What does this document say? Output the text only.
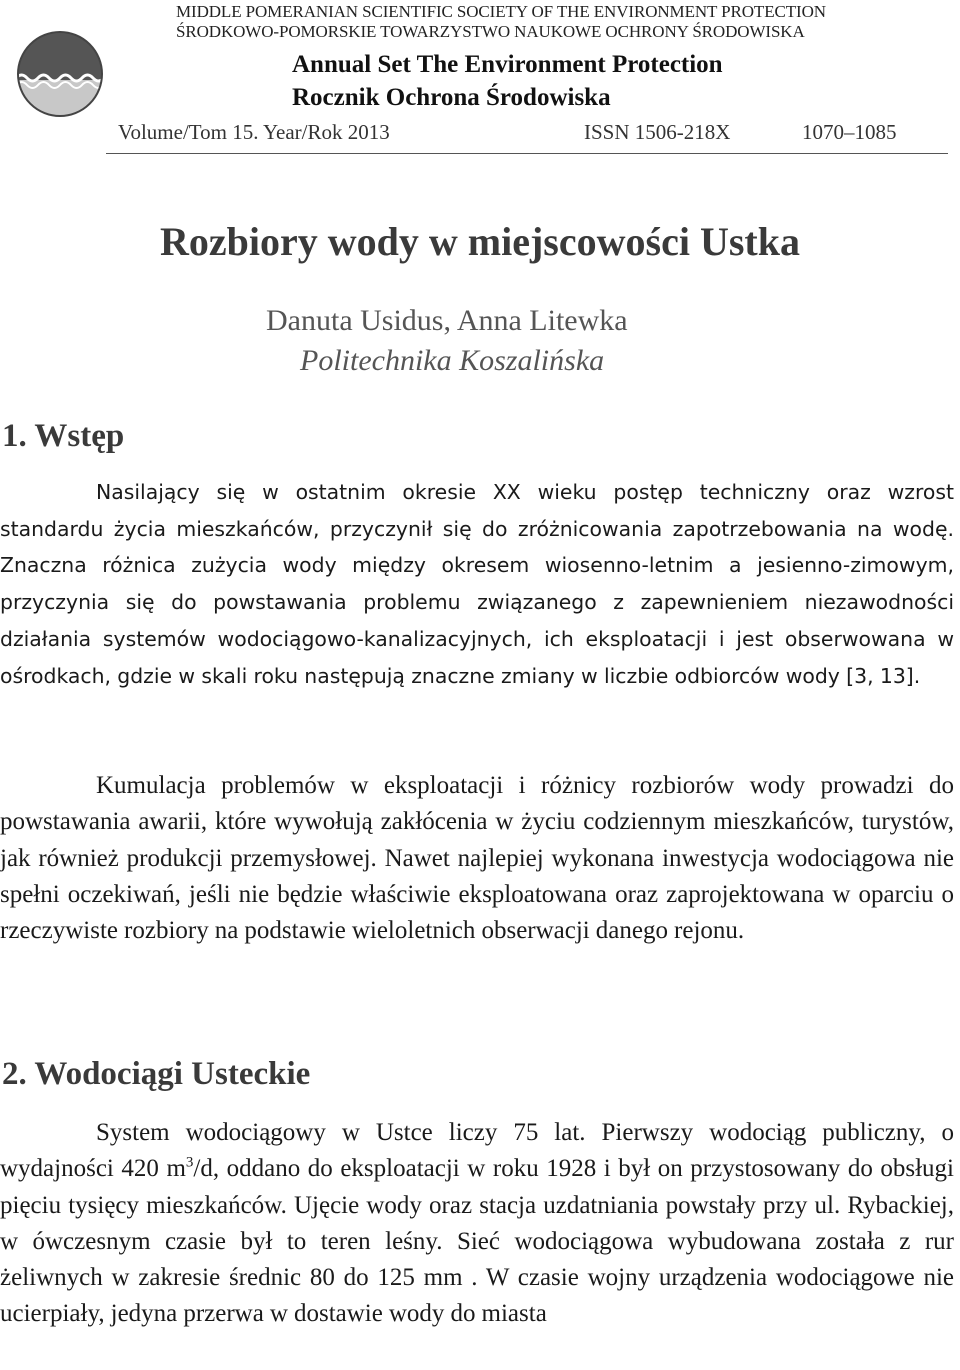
MIDDLE POMERANIAN SCIENTIFIC SOCIETY OF THE ENVIRONMENT PROTECTION
ŚRODKOWO-POMORSKIE TOWARZYSTWO NAUKOWE OCHRONY ŚRODOWISKA
Annual Set The Environment Protection
Rocznik Ochrona Środowiska
Volume/Tom 15. Year/Rok 2013	ISSN 1506-218X	1070–1085
Rozbiory wody w miejscowości Ustka
Danuta Usidus, Anna Litewka
Politechnika Koszalińska
1. Wstęp

Nasilający się w ostatnim okresie XX wieku postęp techniczny oraz wzrost standardu życia mieszkańców, przyczynił się do zróżnicowania zapotrzebowania na wodę. Znaczna różnica zużycia wody między okresem wiosenno-letnim a jesienno-zimowym, przyczynia się do powstawania problemu związanego z zapewnieniem niezawodności działania systemów wodociągowo-kanalizacyjnych, ich eksploatacji i jest obserwowana w ośrodkach, gdzie w skali roku następują znaczne zmiany w liczbie odbiorców wody [3, 13].

Kumulacja problemów w eksploatacji i różnicy rozbiorów wody prowadzi do powstawania awarii, które wywołują zakłócenia w życiu codziennym mieszkańców, turystów, jak również produkcji przemysłowej. Nawet najlepiej wykonana inwestycja wodociągowa nie spełni oczekiwań, jeśli nie będzie właściwie eksploatowana oraz zaprojektowana w oparciu o rzeczywiste rozbiory na podstawie wieloletnich obserwacji danego rejonu.

2. Wodociągi Usteckie

System wodociągowy w Ustce liczy 75 lat. Pierwszy wodociąg publiczny, o wydajności 420 $m^3/d$, oddano do eksploatacji w roku 1928 i był on przystosowany do obsługi pięciu tysięcy mieszkańców. Ujęcie wody oraz stacja uzdatniania powstały przy ul. Rybackiej, w ówczesnym czasie był to teren leśny. Sieć wodociągowa wybudowana została z rur żeliwnych w zakresie średnic 80 do 125 mm . W czasie wojny urządzenia wodociągowe nie ucierpiały, jedyna przerwa w dostawie wody do miasta
